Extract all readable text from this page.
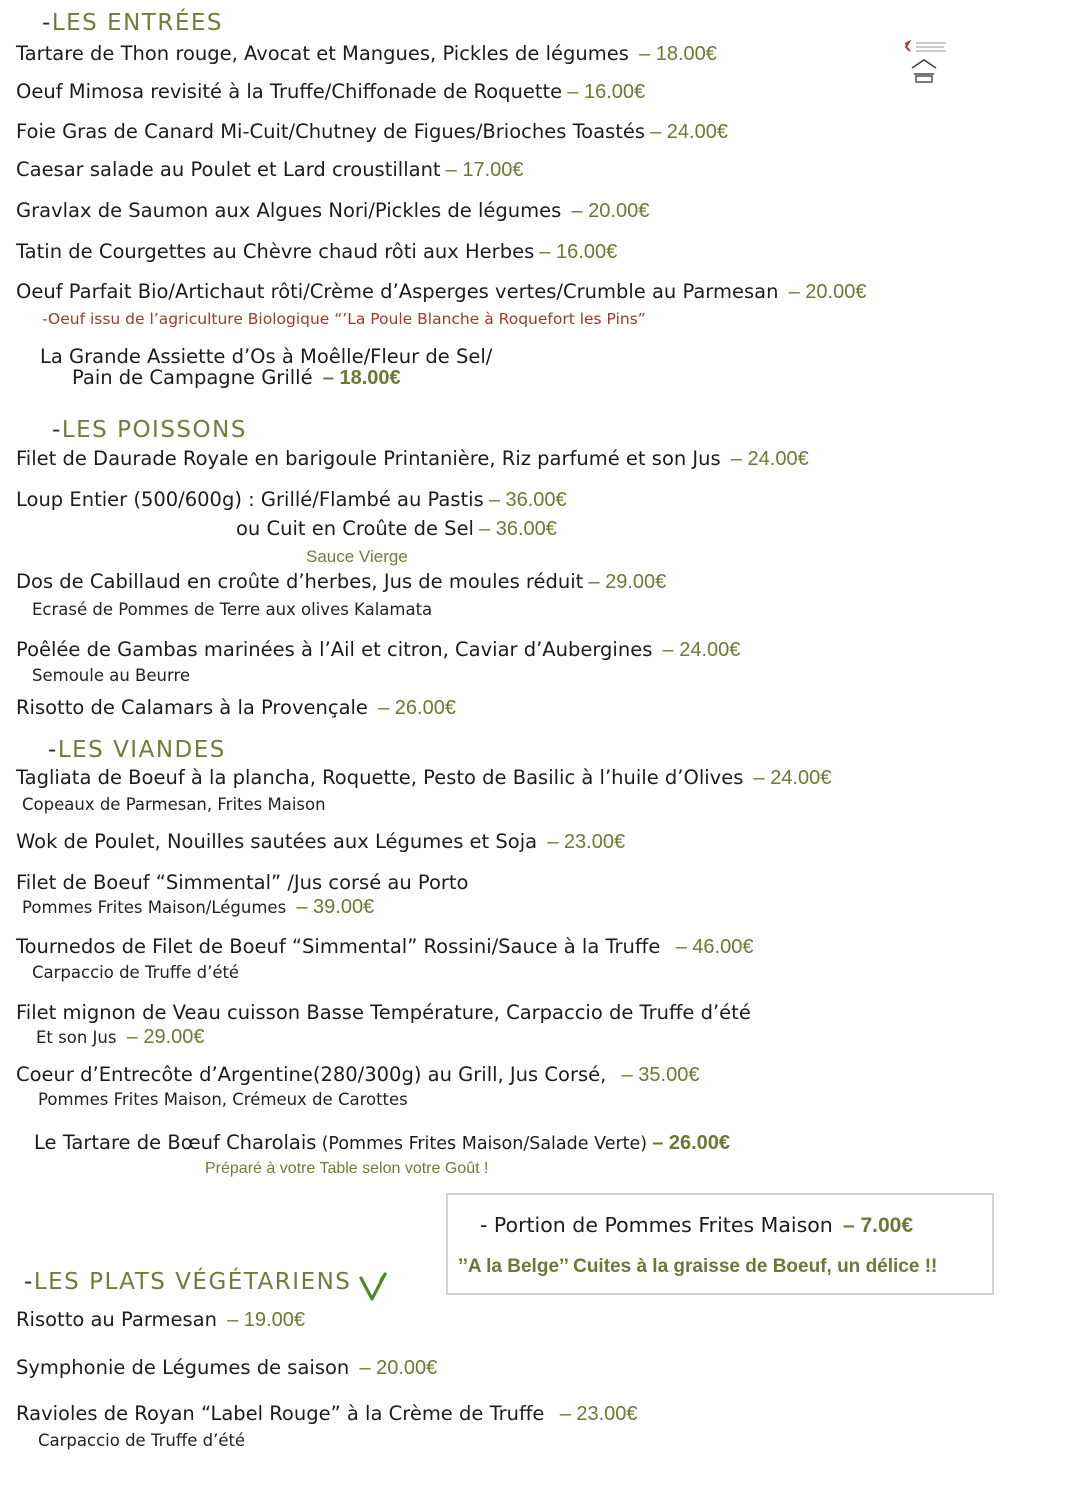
-LES ENTRÉES
Tartare de Thon rouge, Avocat et Mangues, Pickles de légumes – 18.00€
Oeuf Mimosa revisité à la Truffe/Chiffonade de Roquette – 16.00€
Foie Gras de Canard Mi-Cuit/Chutney de Figues/Brioches Toastés – 24.00€
Caesar salade au Poulet et Lard croustillant – 17.00€
Gravlax de Saumon aux Algues Nori/Pickles de légumes – 20.00€
Tatin de Courgettes au Chèvre chaud rôti aux Herbes – 16.00€
Oeuf Parfait Bio/Artichaut rôti/Crème d’Asperges vertes/Crumble au Parmesan – 20.00€
-Oeuf issu de l’agriculture Biologique “’La Poule Blanche à Roquefort les Pins”
La Grande Assiette d’Os à Moêlle/Fleur de Sel/
Pain de Campagne Grillé – 18.00€
-LES POISSONS
Filet de Daurade Royale en barigoule Printanière, Riz parfumé et son Jus – 24.00€
Loup Entier (500/600g) : Grillé/Flambé au Pastis – 36.00€
ou Cuit en Croûte de Sel – 36.00€
Sauce Vierge
Dos de Cabillaud en croûte d’herbes, Jus de moules réduit – 29.00€
Ecrasé de Pommes de Terre aux olives Kalamata
Poêlée de Gambas marinées à l’Ail et citron, Caviar d’Aubergines – 24.00€
Semoule au Beurre
Risotto de Calamars à la Provençale – 26.00€
-LES VIANDES
Tagliata de Boeuf à la plancha, Roquette, Pesto de Basilic à l’huile d’Olives – 24.00€
Copeaux de Parmesan, Frites Maison
Wok de Poulet, Nouilles sautées aux Légumes et Soja – 23.00€
Filet de Boeuf “Simmental” /Jus corsé au Porto
Pommes Frites Maison/Légumes – 39.00€
Tournedos de Filet de Boeuf “Simmental” Rossini/Sauce à la Truffe – 46.00€
Carpaccio de Truffe d’été
Filet mignon de Veau cuisson Basse Température, Carpaccio de Truffe d’été
Et son Jus – 29.00€
Coeur d’Entrecôte d’Argentine(280/300g) au Grill, Jus Corsé, – 35.00€
Pommes Frites Maison, Crémeux de Carottes
Le Tartare de Bœuf Charolais (Pommes Frites Maison/Salade Verte) – 26.00€
Préparé à votre Table selon votre Goût !
- Portion de Pommes Frites Maison – 7.00€
’’A la Belge’’ Cuites à la graisse de Boeuf, un délice !!
-LES PLATS VÉGÉTARIENS
Risotto au Parmesan – 19.00€
Symphonie de Légumes de saison – 20.00€
Ravioles de Royan “Label Rouge” à la Crème de Truffe – 23.00€
Carpaccio de Truffe d’été
